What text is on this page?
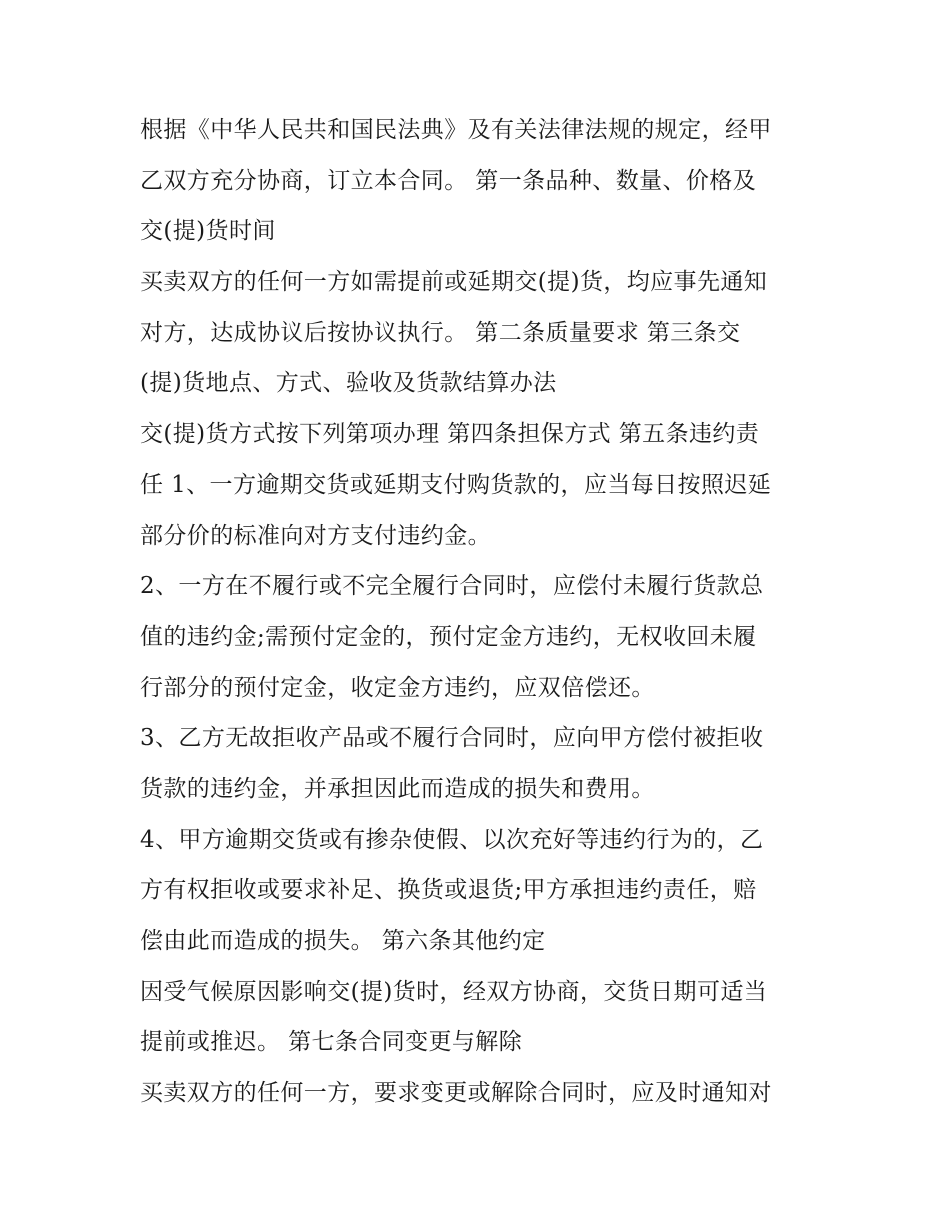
根据《中华人民共和国民法典》及有关法律法规的规定，经甲
乙双方充分协商，订立本合同。 第一条品种、数量、价格及
交(提)货时间
买卖双方的任何一方如需提前或延期交(提)货，均应事先通知
对方，达成协议后按协议执行。 第二条质量要求 第三条交
(提)货地点、方式、验收及货款结算办法
交(提)货方式按下列第项办理 第四条担保方式 第五条违约责
任 1、一方逾期交货或延期支付购货款的，应当每日按照迟延
部分价的标准向对方支付违约金。
2、一方在不履行或不完全履行合同时，应偿付未履行货款总
值的违约金;需预付定金的，预付定金方违约，无权收回未履
行部分的预付定金，收定金方违约，应双倍偿还。
3、乙方无故拒收产品或不履行合同时，应向甲方偿付被拒收
货款的违约金，并承担因此而造成的损失和费用。
4、甲方逾期交货或有掺杂使假、以次充好等违约行为的，乙
方有权拒收或要求补足、换货或退货;甲方承担违约责任，赔
偿由此而造成的损失。 第六条其他约定
因受气候原因影响交(提)货时，经双方协商，交货日期可适当
提前或推迟。 第七条合同变更与解除
买卖双方的任何一方，要求变更或解除合同时，应及时通知对
